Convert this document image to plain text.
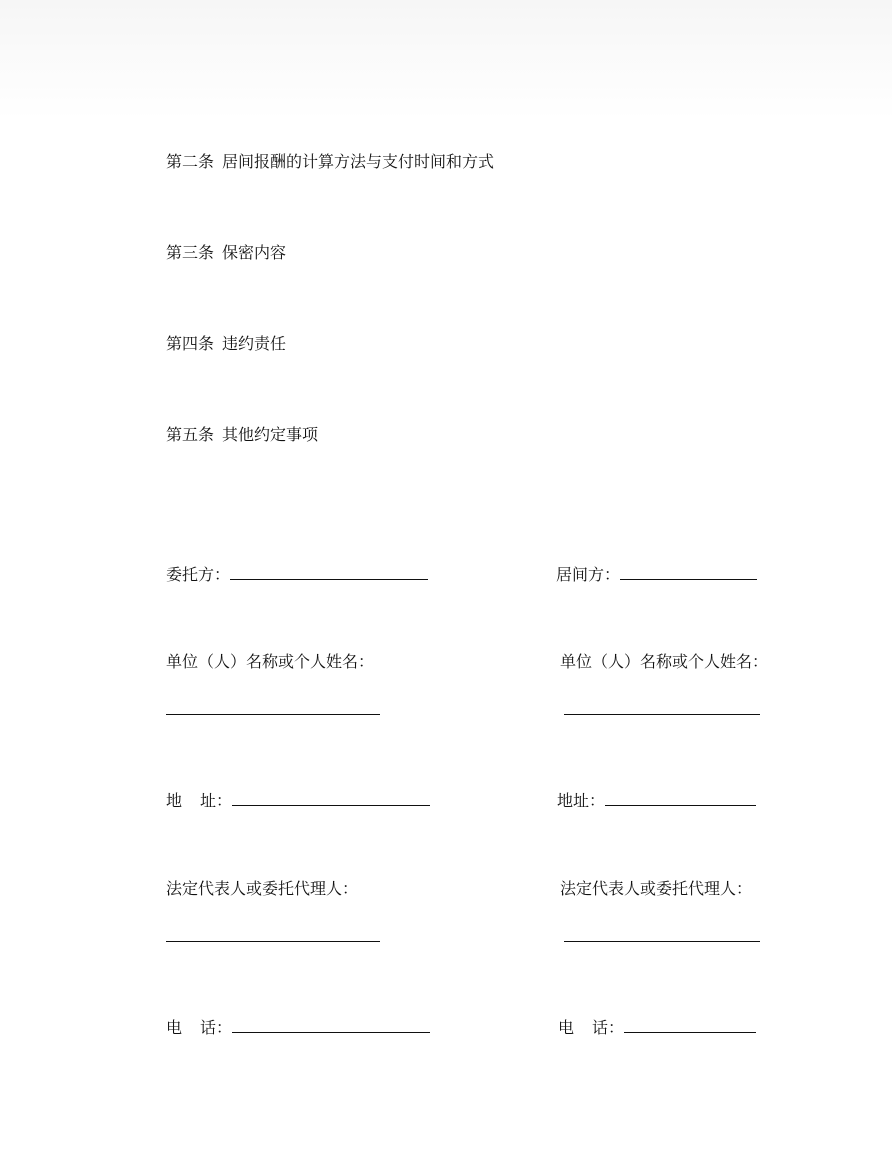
第二条 居间报酬的计算方法与支付时间和方式
第三条 保密内容
第四条 违约责任
第五条 其他约定事项
委托方：
单位（人）名称或个人姓名：
地 址：
法定代表人或委托代理人：
电 话：
居间方：
单位（人）名称或个人姓名：
地址：
法定代表人或委托代理人：
电 话：
